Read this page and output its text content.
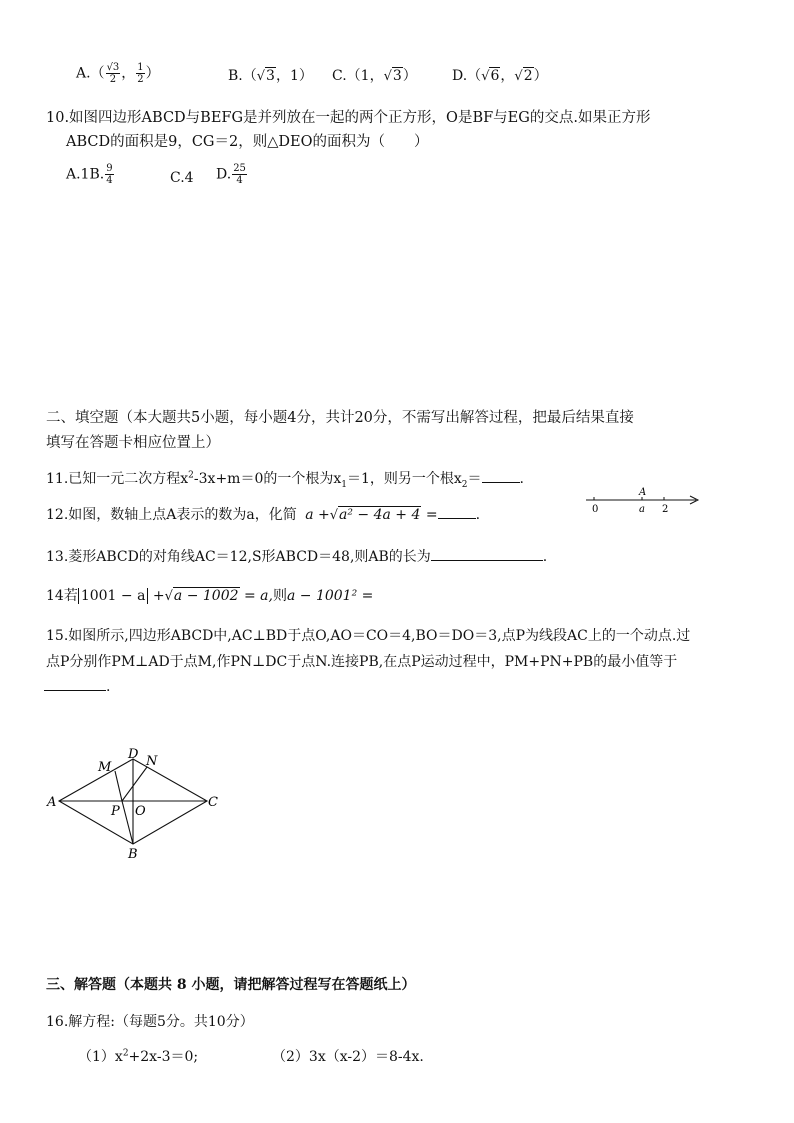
$A.( \frac{√3}{2}$ ， $\frac{1}{2}$ ）	B.（√3，1） C.（1，√3）	D.（√6，√2）
10.如图四边形ABCD与BEFG是并列放在一起的两个正方形，O是BF与EG的交点.如果正方形
ABCD的面积是9，CG＝2，则△DEO的面积为（　　）
A.1B. $\frac{9}{4}$	C.4 D. $\frac{25}{4}$
二、填空题（本大题共5小题，每小题4分，共计20分，不需写出解答过程，把最后结果直接
填写在答题卡相应位置上）
11.已知一元二次方程$x^2-3x+m=0$的一个根为$x_1=1$，则另一个根$x_2=$	.
12.如图，数轴上点A表示的数为a，化简 a +√a² − 4a + 4 =	.
A
0	a 2
13.菱形ABCD的对角线AC＝12,S形ABCD＝48,则AB的长为	.
14若 1001 − a +√a − 1002 = a,则a − 1001² =
15.如图所示,四边形ABCD中,AC⊥BD于点O,AO＝CO＝4,BO＝DO＝3,点P为线段AC上的一个动点.过
点P分别作PM⊥AD于点M,作PN⊥DC于点N.连接PB,在点P运动过程中，PM+PN+PB的最小值等于
.
A
B
C
D
M	N
P O
三、解答题（本题共 8 小题，请把解答过程写在答题纸上）
16.解方程:（每题5分。共10分）
$(1)x^2+2x-3=0$;	（2）3x（x-2）＝8-4x.
